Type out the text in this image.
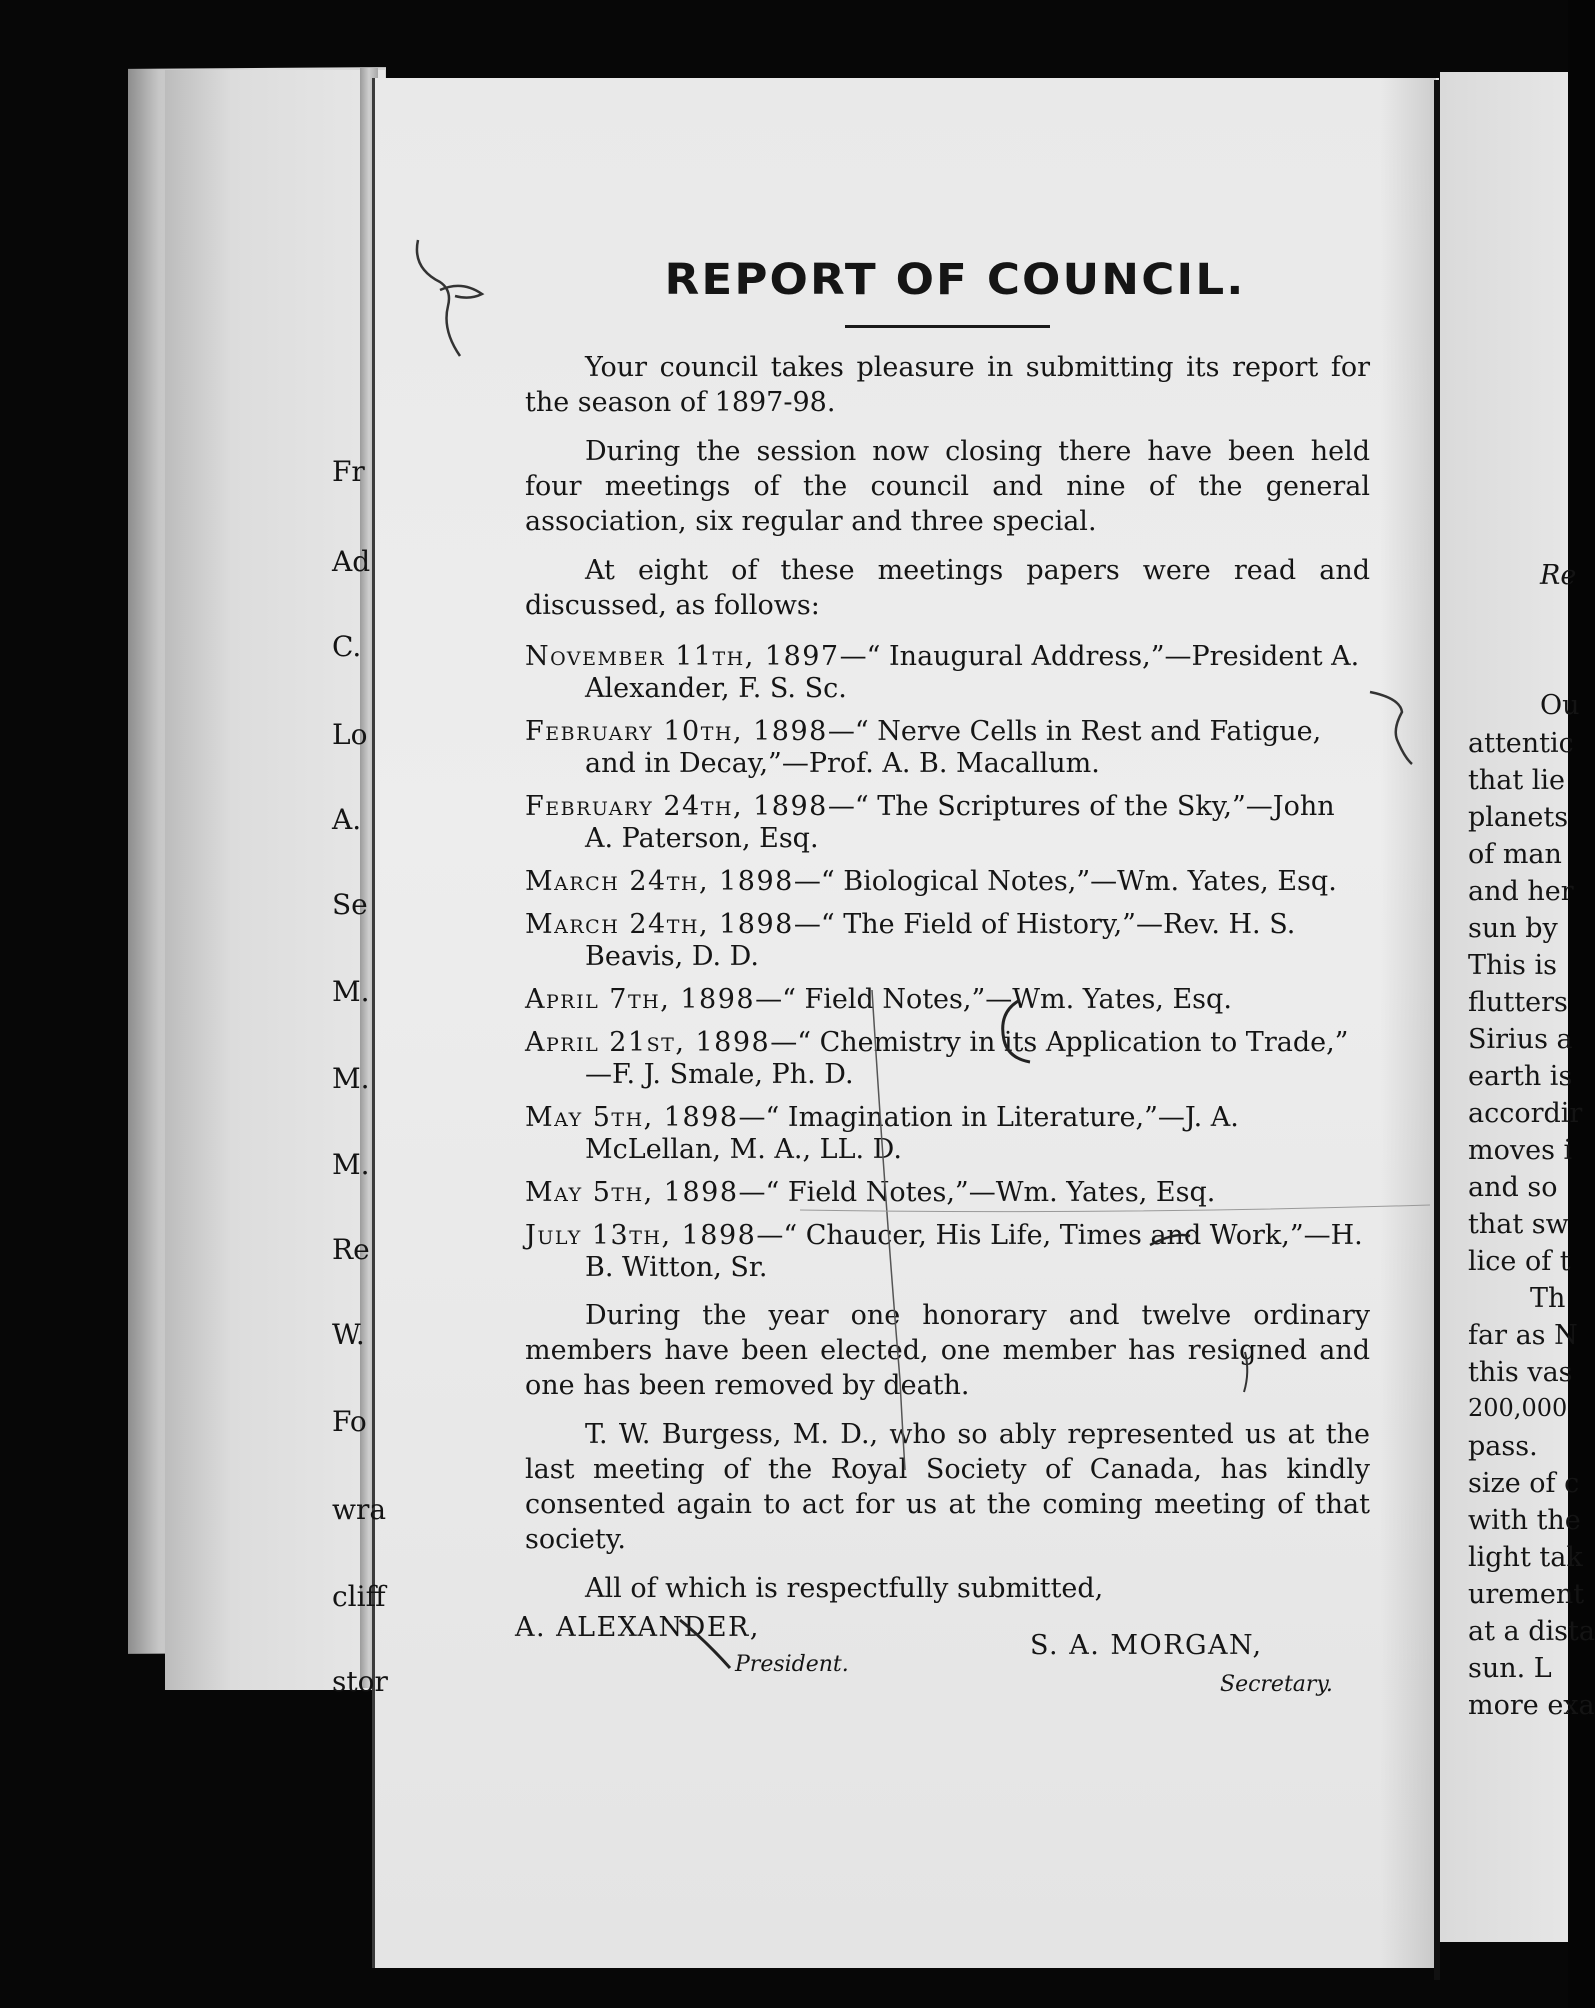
Fr
Ad
C.
Lo
A.
Se
M.
M.
M.
Re
W.
Fo
wra
cliff
stor
Re
Ou
attentic
that lie
planets
of man
and her
sun by
This is
flutters
Sirius a
earth is
accordir
moves i
and so
that sw
lice of t
Th
far as N
this vas
200,000
pass.
size of c
with the
light tak
urement
at a dista
sun. L
more exa
REPORT OF COUNCIL.

Your council takes pleasure in submitting its report for the season of 1897-98.

During the session now closing there have been held four meetings of the council and nine of the general association, six regular and three special.

At eight of these meetings papers were read and discussed, as follows:

November 11th, 1897—“ Inaugural Address,”—President A. Alexander, F. S. Sc.

February 10th, 1898—“ Nerve Cells in Rest and Fatigue, and in Decay,”—Prof. A. B. Macallum.

February 24th, 1898—“ The Scriptures of the Sky,”—John A. Paterson, Esq.

March 24th, 1898—“ Biological Notes,”—Wm. Yates, Esq.

March 24th, 1898—“ The Field of History,”—Rev. H. S. Beavis, D. D.

April 7th, 1898—“ Field Notes,”—Wm. Yates, Esq.

April 21st, 1898—“ Chemistry in its Application to Trade,” —F. J. Smale, Ph. D.

May 5th, 1898—“ Imagination in Literature,”—J. A. McLellan, M. A., LL. D.

May 5th, 1898—“ Field Notes,”—Wm. Yates, Esq.

July 13th, 1898—“ Chaucer, His Life, Times and Work,”—H. B. Witton, Sr.

During the year one honorary and twelve ordinary members have been elected, one member has resigned and one has been removed by death.

T. W. Burgess, M. D., who so ably represented us at the last meeting of the Royal Society of Canada, has kindly consented again to act for us at the coming meeting of that society.

All of which is respectfully submitted,

A. ALEXANDER,
President.
S. A. MORGAN,
Secretary.
